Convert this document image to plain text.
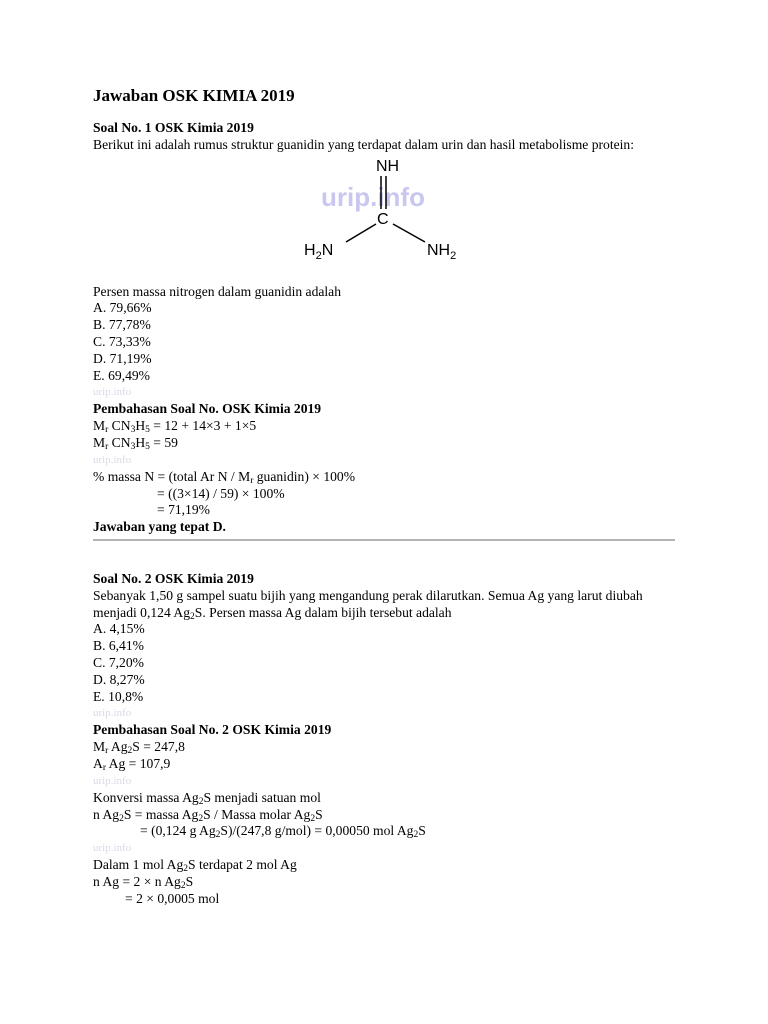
Jawaban OSK KIMIA 2019
Soal No. 1 OSK Kimia 2019
Berikut ini adalah rumus struktur guanidin yang terdapat dalam urin dan hasil metabolisme protein:
urip.info
NH
C
$H_2N$	$NH_2$
Persen massa nitrogen dalam guanidin adalah
A. 79,66%
B. 77,78%
C. 73,33%
D. 71,19%
E. 69,49%
urip.info
Pembahasan Soal No. OSK Kimia 2019
$M_r$ $CN_3H_5 = 12 + 14\times 3 + 1\times 5$
$M_r$ $CN_3H_5 = 59$
urip.info
% massa N = (total Ar N / $M_r$ guanidin) × 100%
= ((3×14) / 59) × 100%
= 71,19%
Jawaban yang tepat D.
Soal No. 2 OSK Kimia 2019
Sebanyak 1,50 g sampel suatu bijih yang mengandung perak dilarutkan. Semua Ag yang larut diubah menjadi 0,124 $Ag_2S$. Persen massa Ag dalam bijih tersebut adalah
A. 4,15%
B. 6,41%
C. 7,20%
D. 8,27%
E. 10,8%
urip.info
Pembahasan Soal No. 2 OSK Kimia 2019
$M_r$ $Ag_2S = 247,8$
$A_r$ Ag = 107,9
urip.info
Konversi massa $Ag_2S$ menjadi satuan mol
n $Ag_2S$ = massa $Ag_2S$ / Massa molar $Ag_2S$
= (0,124 g $Ag_2S)/(247,8$ g/mol) = 0,00050 mol $Ag_2S$
urip.info
Dalam 1 mol $Ag_2S$ terdapat 2 mol Ag
n Ag = 2 × n $Ag_2S$
= 2 × 0,0005 mol
